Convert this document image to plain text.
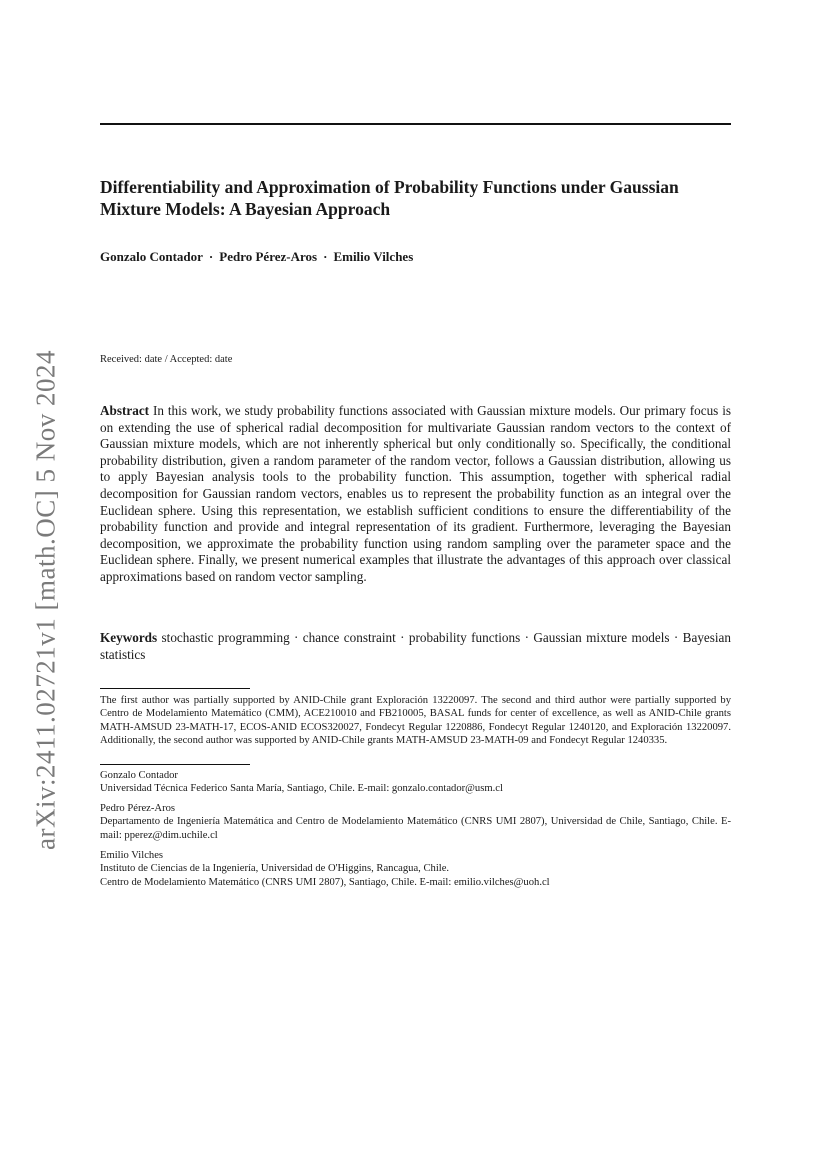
arXiv:2411.02721v1 [math.OC] 5 Nov 2024
Differentiability and Approximation of Probability Functions under Gaussian Mixture Models: A Bayesian Approach
Gonzalo Contador · Pedro Pérez-Aros · Emilio Vilches
Received: date / Accepted: date

Abstract In this work, we study probability functions associated with Gaussian mixture models. Our primary focus is on extending the use of spherical radial decomposition for multivariate Gaussian random vectors to the context of Gaussian mixture models, which are not inherently spherical but only conditionally so. Specifically, the conditional probability distribution, given a random parameter of the random vector, follows a Gaussian distribution, allowing us to apply Bayesian analysis tools to the probability function. This assumption, together with spherical radial decomposition for Gaussian random vectors, enables us to represent the probability function as an integral over the Euclidean sphere. Using this representation, we establish sufficient conditions to ensure the differentiability of the probability function and provide and integral representation of its gradient. Furthermore, leveraging the Bayesian decomposition, we approximate the probability function using random sampling over the parameter space and the Euclidean sphere. Finally, we present numerical examples that illustrate the advantages of this approach over classical approximations based on random vector sampling.

Keywords stochastic programming · chance constraint · probability functions · Gaussian mixture models · Bayesian statistics

The first author was partially supported by ANID-Chile grant Exploración 13220097. The second and third author were partially supported by Centro de Modelamiento Matemático (CMM), ACE210010 and FB210005, BASAL funds for center of excellence, as well as ANID-Chile grants MATH-AMSUD 23-MATH-17, ECOS-ANID ECOS320027, Fondecyt Regular 1220886, Fondecyt Regular 1240120, and Exploración 13220097. Additionally, the second author was supported by ANID-Chile grants MATH-AMSUD 23-MATH-09 and Fondecyt Regular 1240335.

Gonzalo Contador
Universidad Técnica Federico Santa María, Santiago, Chile. E-mail: gonzalo.contador@usm.cl

Pedro Pérez-Aros
Departamento de Ingeniería Matemática and Centro de Modelamiento Matemático (CNRS UMI 2807), Universidad de Chile, Santiago, Chile. E-mail: pperez@dim.uchile.cl

Emilio Vilches
Instituto de Ciencias de la Ingeniería, Universidad de O'Higgins, Rancagua, Chile.
Centro de Modelamiento Matemático (CNRS UMI 2807), Santiago, Chile. E-mail: emilio.vilches@uoh.cl
